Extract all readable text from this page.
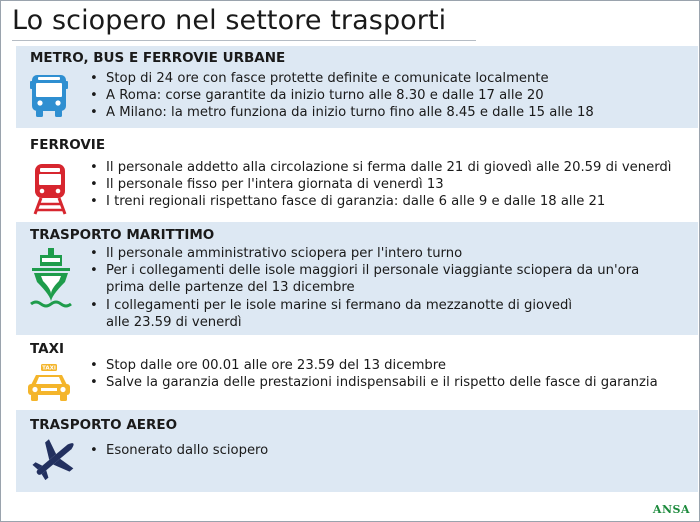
Lo sciopero nel settore trasporti
METRO, BUS E FERROVIE URBANE
• Stop di 24 ore con fasce protette definite e comunicate localmente
• A Roma: corse garantite da inizio turno alle 8.30 e dalle 17 alle 20
• A Milano: la metro funziona da inizio turno fino alle 8.45 e dalle 15 alle 18
FERROVIE
• Il personale addetto alla circolazione si ferma dalle 21 di giovedì alle 20.59 di venerdì
• Il personale fisso per l'intera giornata di venerdì 13
• I treni regionali rispettano fasce di garanzia: dalle 6 alle 9 e dalle 18 alle 21
TRASPORTO MARITTIMO
• Il personale amministrativo sciopera per l'intero turno
• Per i collegamenti delle isole maggiori il personale viaggiante sciopera da un'ora
prima delle partenze del 13 dicembre
• I collegamenti per le isole marine si fermano da mezzanotte di giovedì
alle 23.59 di venerdì
TAXI
TAXI
•	Stop dalle ore 00.01 alle ore 23.59 del 13 dicembre
• Salve la garanzia delle prestazioni indispensabili e il rispetto delle fasce di garanzia
TRASPORTO AEREO
• Esonerato dallo sciopero
ANSA
